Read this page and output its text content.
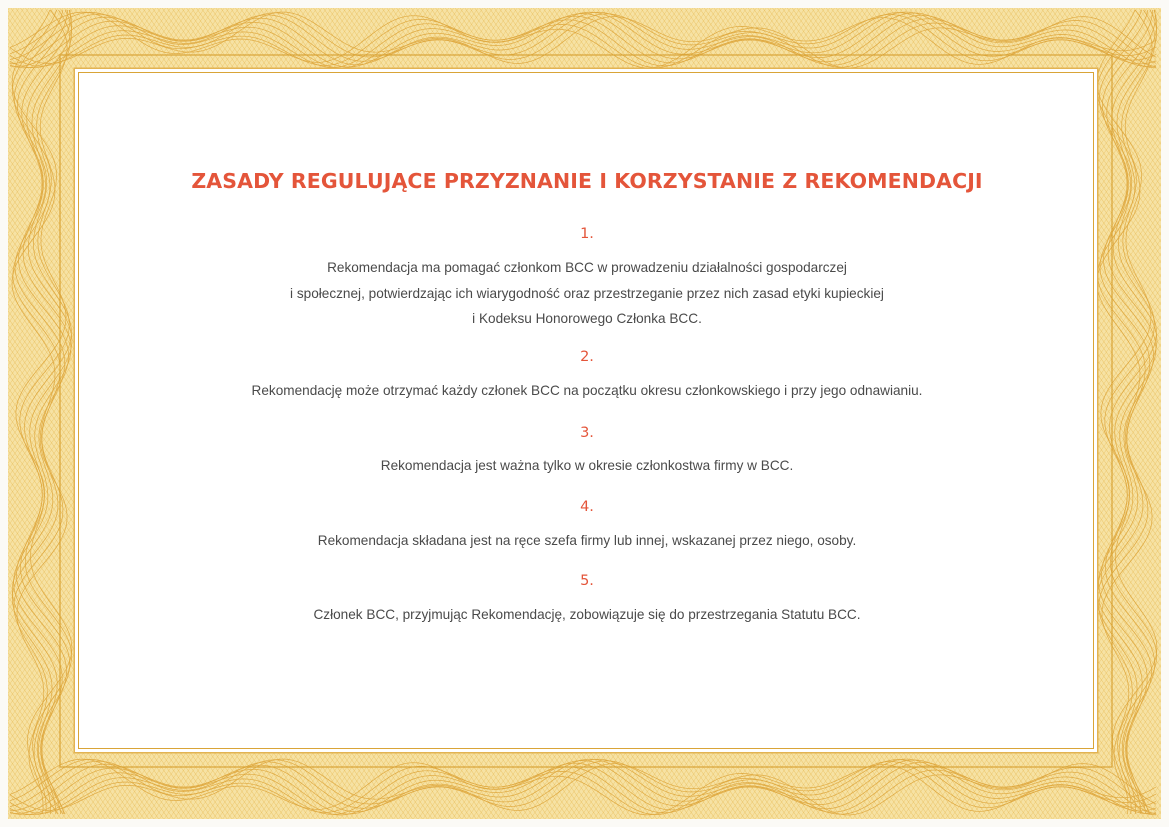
ZASADY REGULUJĄCE PRZYZNANIE I KORZYSTANIE Z REKOMENDACJI

1.

Rekomendacja ma pomagać członkom BCC w prowadzeniu działalności gospodarczej
i społecznej, potwierdzając ich wiarygodność oraz przestrzeganie przez nich zasad etyki kupieckiej
i Kodeksu Honorowego Członka BCC.

2.

Rekomendację może otrzymać każdy członek BCC na początku okresu członkowskiego i przy jego odnawianiu.

3.

Rekomendacja jest ważna tylko w okresie członkostwa firmy w BCC.

4.

Rekomendacja składana jest na ręce szefa firmy lub innej, wskazanej przez niego, osoby.

5.

Członek BCC, przyjmując Rekomendację, zobowiązuje się do przestrzegania Statutu BCC.
